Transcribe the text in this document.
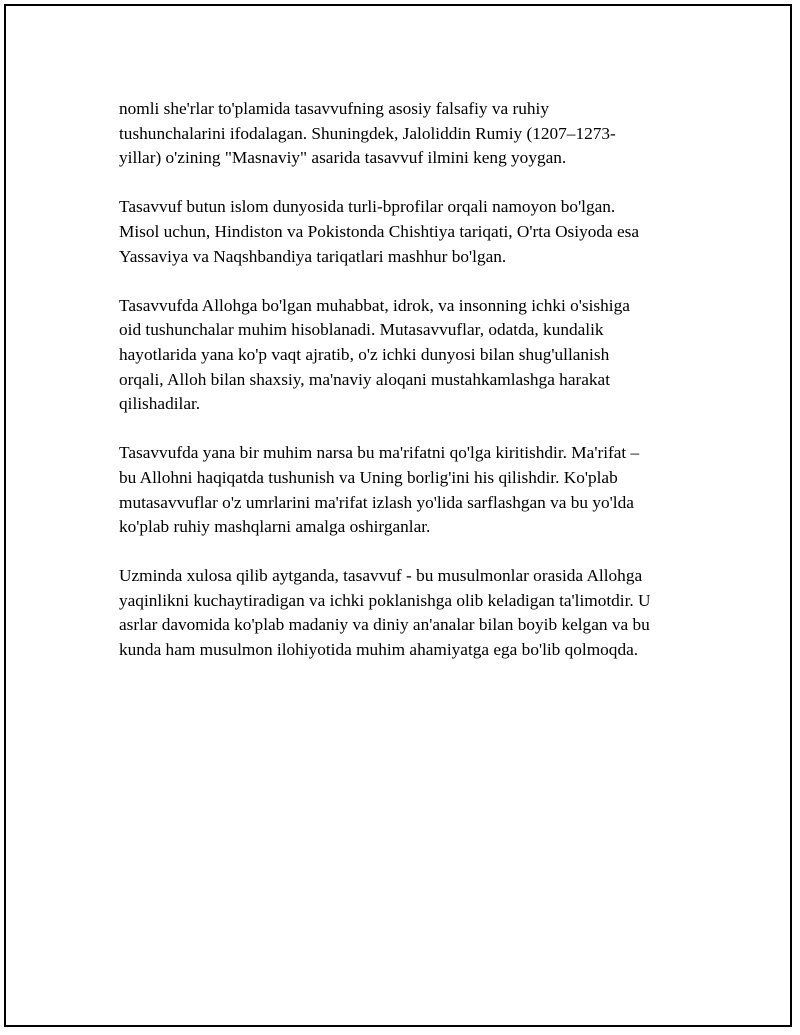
nomli she'rlar to'plamida tasavvufning asosiy falsafiy va ruhiy
tushunchalarini ifodalagan. Shuningdek, Jaloliddin Rumiy (1207–1273-
yillar) o'zining "Masnaviy" asarida tasavvuf ilmini keng yoygan.

Tasavvuf butun islom dunyosida turli-bprofilar orqali namoyon bo'lgan.
Misol uchun, Hindiston va Pokistonda Chishtiya tariqati, O'rta Osiyoda esa
Yassaviya va Naqshbandiya tariqatlari mashhur bo'lgan.

Tasavvufda Allohga bo'lgan muhabbat, idrok, va insonning ichki o'sishiga
oid tushunchalar muhim hisoblanadi. Mutasavvuflar, odatda, kundalik
hayotlarida yana ko'p vaqt ajratib, o'z ichki dunyosi bilan shug'ullanish
orqali, Alloh bilan shaxsiy, ma'naviy aloqani mustahkamlashga harakat
qilishadilar.

Tasavvufda yana bir muhim narsa bu ma'rifatni qo'lga kiritishdir. Ma'rifat –
bu Allohni haqiqatda tushunish va Uning borlig'ini his qilishdir. Ko'plab
mutasavvuflar o'z umrlarini ma'rifat izlash yo'lida sarflashgan va bu yo'lda
ko'plab ruhiy mashqlarni amalga oshirganlar.

Uzminda xulosa qilib aytganda, tasavvuf - bu musulmonlar orasida Allohga
yaqinlikni kuchaytiradigan va ichki poklanishga olib keladigan ta'limotdir. U
asrlar davomida ko'plab madaniy va diniy an'analar bilan boyib kelgan va bu
kunda ham musulmon ilohiyotida muhim ahamiyatga ega bo'lib qolmoqda.
